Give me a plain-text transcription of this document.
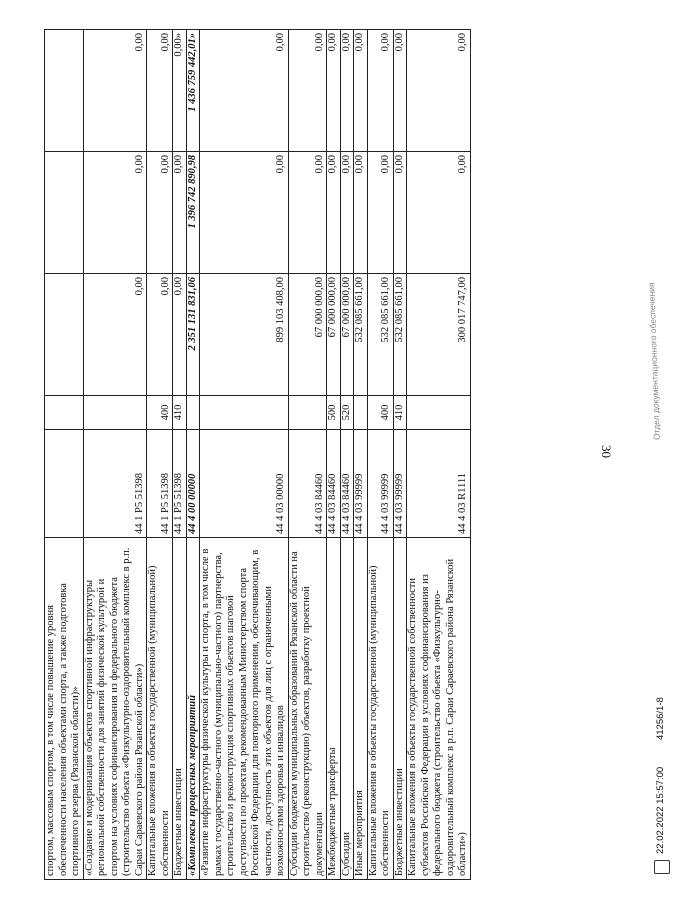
30
спортом, массовым спортом, в том числе повышение уровня обеспеченности населения объектами спорта, а также подготовка спортивного резерва (Рязанской области)»					
«Создание и модернизация объектов спортивной инфраструктуры региональной собственности для занятий физической культурой и спортом на условиях софинансирования из федерального бюджета (строительство объекта «Физкультурно-оздоровительный комплекс в р.п. Сараи Сараевского района Рязанской области»)	44 1 P5 51398		0,00	0,00	0,00
Капитальные вложения в объекты государственной (муниципальной) собственности	44 1 P5 51398	400	0,00	0,00	0,00
Бюджетные инвестиции	44 1 P5 51398	410	0,00	0,00	0,00»
«Комплексы процессных мероприятий	44 4 00 00000		2 351 131 831,06	1 396 742 890,98	1 436 759 442,01»
«Развитие инфраструктуры физической культуры и спорта, в том числе в рамках государственно-частного (муниципально-частного) партнерства, строительство и реконструкция спортивных объектов шаговой доступности по проектам, рекомендованным Министерством спорта Российской Федерации для повторного применения, обеспечивающим, в частности, доступность этих объектов для лиц с ограниченными возможностями здоровья и инвалидов	44 4 03 00000		899 103 408,00	0,00	0,00
Субсидии бюджетам муниципальных образований Рязанской области на строительство (реконструкцию) объектов, разработку проектной документации	44 4 03 84460		67 000 000,00	0,00	0,00
Межбюджетные трансферты	44 4 03 84460	500	67 000 000,00	0,00	0,00
Субсидии	44 4 03 84460	520	67 000 000,00	0,00	0,00
Иные мероприятия	44 4 03 99999		532 085 661,00	0,00	0,00
Капитальные вложения в объекты государственной (муниципальной) собственности	44 4 03 99999	400	532 085 661,00	0,00	0,00
Бюджетные инвестиции	44 4 03 99999	410	532 085 661,00	0,00	0,00
Капитальные вложения в объекты государственной собственности субъектов Российской Федерации в условиях софинансирования из федерального бюджета (строительство объекта «Физкультурно-оздоровительный комплекс в р.п. Сараи Сараевского района Рязанской области»)	44 4 03 R1111		300 017 747,00	0,00	0,00
22.02.2022 15:57:00
41256/1-8
Отдел документационного обеспечения
